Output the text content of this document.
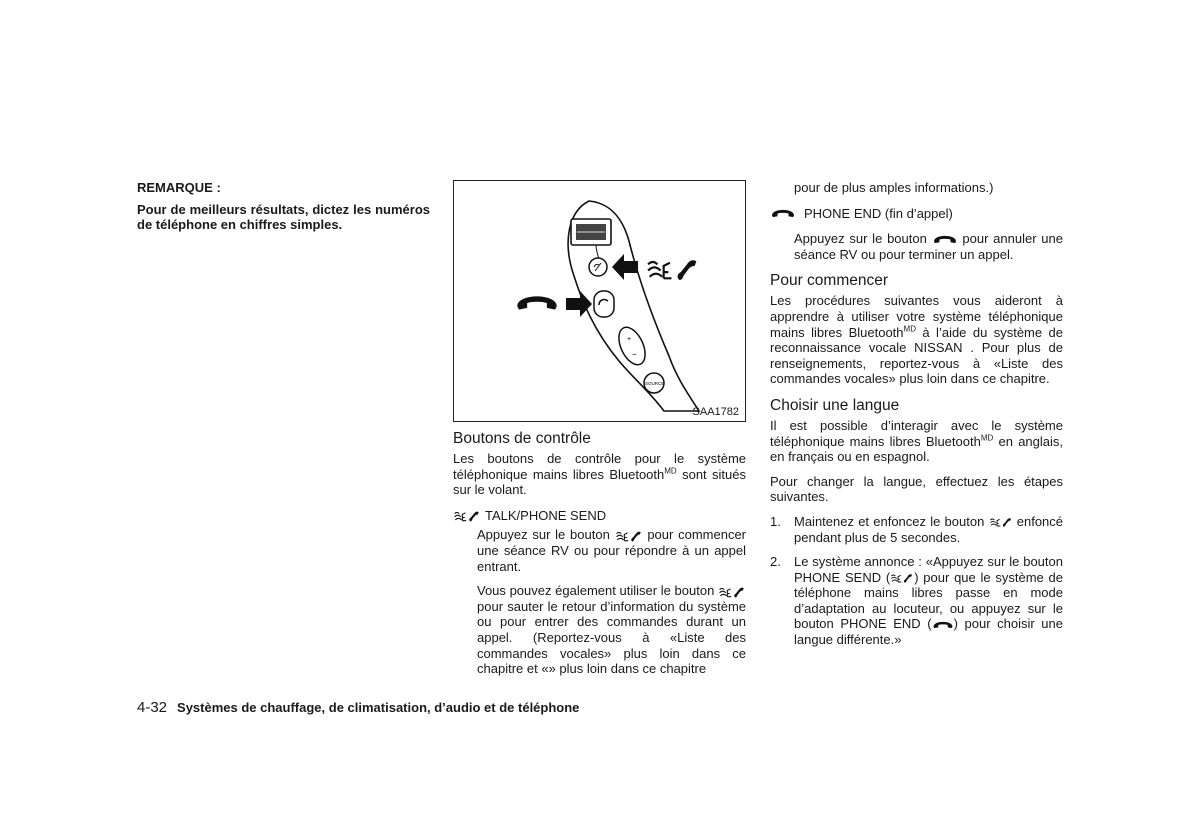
REMARQUE :

Pour de meilleurs résultats, dictez les numéros de téléphone en chiffres simples.

+
−
SOURCE
SAA1782
Boutons de contrôle

Les boutons de contrôle pour le système téléphonique mains libres Bluetooth$^{MD}$ sont situés sur le volant.

TALK/PHONE SEND

Appuyez sur le bouton  pour commencer une séance RV ou pour répondre à un appel entrant.

Vous pouvez également utiliser le bouton  pour sauter le retour d’information du système ou pour entrer des commandes durant un appel. (Reportez-vous à «Liste des commandes vocales» plus loin dans ce chapitre et «» plus loin dans ce chapitre

pour de plus amples informations.)

PHONE END (fin d’appel)

Appuyez sur le bouton  pour annuler une séance RV ou pour terminer un appel.

Pour commencer

Les procédures suivantes vous aideront à apprendre à utiliser votre système téléphonique mains libres Bluetooth$^{MD}$ à l’aide du système de reconnaissance vocale NISSAN . Pour plus de renseignements, reportez-vous à «Liste des commandes vocales» plus loin dans ce chapitre.

Choisir une langue

Il est possible d’interagir avec le système téléphonique mains libres Bluetooth$^{MD}$ en anglais, en français ou en espagnol.

Pour changer la langue, effectuez les étapes suivantes.

1.	Maintenez et enfoncez le bouton  enfoncé pendant plus de 5 secondes.
2.	Le système annonce : «Appuyez sur le bouton PHONE SEND ( ) pour que le système de téléphone mains libres passe en mode d’adaptation au locuteur, ou appuyez sur le bouton PHONE END ( ) pour choisir une langue différente.»
4-32 Systèmes de chauffage, de climatisation, d’audio et de téléphone
